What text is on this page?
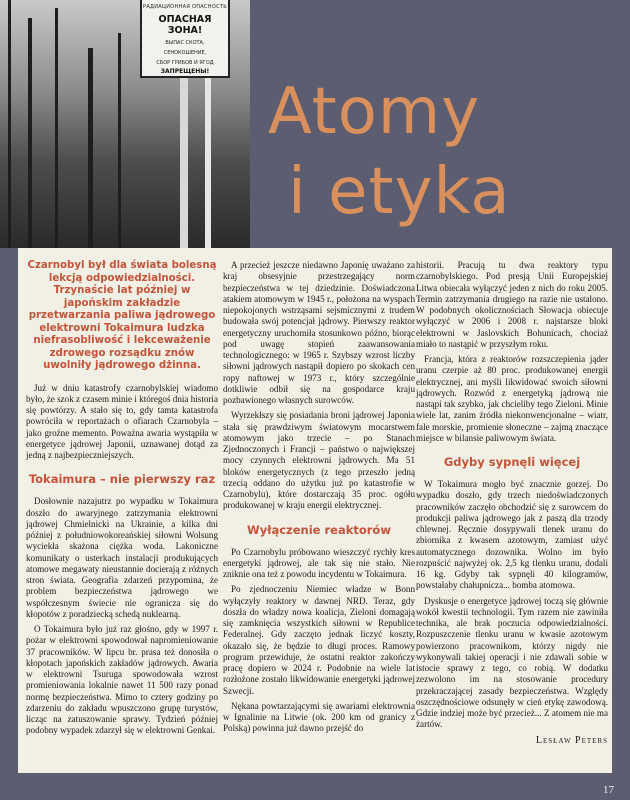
РАДИАЦИОННАЯ ОПАСНОСТЬ
ОПАСНАЯ ЗОНА!
ВЫПАС СКОТА,
СЕНОКОШЕНИЕ,
СБОР ГРИБОВ И ЯГОД
ЗАПРЕЩЕНЫ!
Atomy
i etyka

Czarnobyl był dla świata bolesną lekcją odpowiedzialności. Trzynaście lat później w japońskim zakładzie przetwarzania paliwa jądrowego elektrowni Tokaimura ludzka niefrasobliwość i lekceważenie zdrowego rozsądku znów uwolniły jądrowego dżinna.

Już w dniu katastrofy czarnobylskiej wiadomo było, że szok z czasem minie i któregoś dnia historia się powtórzy. A stało się to, gdy tamta katastrofa powróciła w reportażach o ofiarach Czarnobyla – jako groźne memento. Poważna awaria wystąpiła w energetyce jądrowej Japonii, uznawanej dotąd za jedną z najbezpieczniejszych.

Tokaimura – nie pierwszy raz

Dosłownie nazajutrz po wypadku w Tokaimura doszło do awaryjnego zatrzymania elektrowni jądrowej Chmielnicki na Ukrainie, a kilka dni później z południowokoreańskiej siłowni Wolsung wyciekła skażona ciężka woda. Lakoniczne komunikaty o usterkach instalacji produkujących atomowe megawaty nieustannie docierają z różnych stron świata. Geografia zdarzeń przypomina, że problem bezpieczeństwa jądrowego we współczesnym świecie nie ogranicza się do kłopotów z poradziecką schedą nuklearną.

O Tokaimura było już raz głośno, gdy w 1997 r. pożar w elektrowni spowodował napromieniowanie 37 pracowników. W lipcu br. prasa też donosiła o kłopotach japońskich zakładów jądrowych. Awaria w elektrowni Tsuruga spowodowała wzrost promieniowania lokalnie nawet 11 500 razy ponad normę bezpieczeństwa. Mimo to cztery godziny po zdarzeniu do zakładu wpuszczono grupę turystów, licząc na zatuszowanie sprawy. Tydzień później podobny wypadek zdarzył się w elektrowni Genkai.

A przecież jeszcze niedawno Japonię uważano za kraj obsesyjnie przestrzegający norm bezpieczeństwa w tej dziedzinie. Doświadczona atakiem atomowym w 1945 r., położona na wyspach niepokojonych wstrząsami sejsmicznymi z trudem budowała swój potencjał jądrowy. Pierwszy reaktor energetyczny uruchomiła stosunkowo późno, biorąc pod uwagę stopień zaawansowania technologicznego: w 1965 r. Szybszy wzrost liczby siłowni jądrowych nastąpił dopiero po skokach cen ropy naftowej w 1973 r., który szczególnie dotkliwie odbił się na gospodarce kraju pozbawionego własnych surowców.

Wyrzekłszy się posiadania broni jądrowej Japonia stała się prawdziwym światowym mocarstwem atomowym jako trzecie – po Stanach Zjednoczonych i Francji – państwo o największej mocy czynnych elektrowni jądrowych. Ma 51 bloków energetycznych (z tego przeszło jedną trzecią oddano do użytku już po katastrofie w Czarnobylu), które dostarczają 35 proc. ogółu produkowanej w kraju energii elektrycznej.

Wyłączenie reaktorów

Po Czarnobylu próbowano wieszczyć rychły kres energetyki jądrowej, ale tak się nie stało. Nie zniknie ona też z powodu incydentu w Tokaimura.

Po zjednoczeniu Niemiec władze w Bonn wyłączyły reaktory w dawnej NRD. Teraz, gdy doszła do władzy nowa koalicja, Zieloni domagają się zamknięcia wszystkich siłowni w Republice Federalnej. Gdy zaczęto jednak liczyć koszty, okazało się, że będzie to długi proces. Ramowy program przewiduje, że ostatni reaktor zakończy pracę dopiero w 2024 r. Podobnie na wiele lat rozłożone zostało likwidowanie energetyki jądrowej Szwecji.

Nękana powtarzającymi się awariami elektrownia w Ignalinie na Litwie (ok. 200 km od granicy z Polską) powinna już dawno przejść do

historii. Pracują tu dwa reaktory typu czarnobylskiego. Pod presją Unii Europejskiej Litwa obiecała wyłączyć jeden z nich do roku 2005. Termin zatrzymania drugiego na razie nie ustalono. W podobnych okolicznościach Słowacja obiecuje wyłączyć w 2006 i 2008 r. najstarsze bloki elektrowni w Jaslovskich Bohunicach, chociaż miało to nastąpić w przyszłym roku.

Francja, która z reaktorów rozszczepienia jąder uranu czerpie aż 80 proc. produkowanej energii elektrycznej, ani myśli likwidować swoich siłowni jądrowych. Rozwód z energetyką jądrową nie nastąpi tak szybko, jak chcieliby tego Zieloni. Minie wiele lat, zanim źródła niekonwencjonalne – wiatr, fale morskie, promienie słoneczne – zajmą znaczące miejsce w bilansie paliwowym świata.

Gdyby sypnęli więcej

W Tokaimura mogło być znacznie gorzej. Do wypadku doszło, gdy trzech niedoświadczonych pracowników zaczęło obchodzić się z surowcem do produkcji paliwa jądrowego jak z paszą dla trzody chlewnej. Ręcznie dosypywali tlenek uranu do zbiornika z kwasem azotowym, zamiast użyć automatycznego dozownika. Wolno im było rozpuścić najwyżej ok. 2,5 kg tlenku uranu, dodali 16 kg. Gdyby tak sypnęli 40 kilogramów, powstałaby chałupnicza... bomba atomowa.

Dyskusje o energetyce jądrowej toczą się głównie wokół kwestii technologii. Tym razem nie zawiniła technika, ale brak poczucia odpowiedzialności. Rozpuszczenie tlenku uranu w kwasie azotowym powierzono pracownikom, którzy nigdy nie wykonywali takiej operacji i nie zdawali sobie w istocie sprawy z tego, co robią. W dodatku zezwolono im na stosowanie procedury przekraczającej zasady bezpieczeństwa. Względy oszczędnościowe odsunęły w cień etykę zawodową. Gdzie indziej może być przecież... Z atomem nie ma żartów.

Lesław Peters
17
